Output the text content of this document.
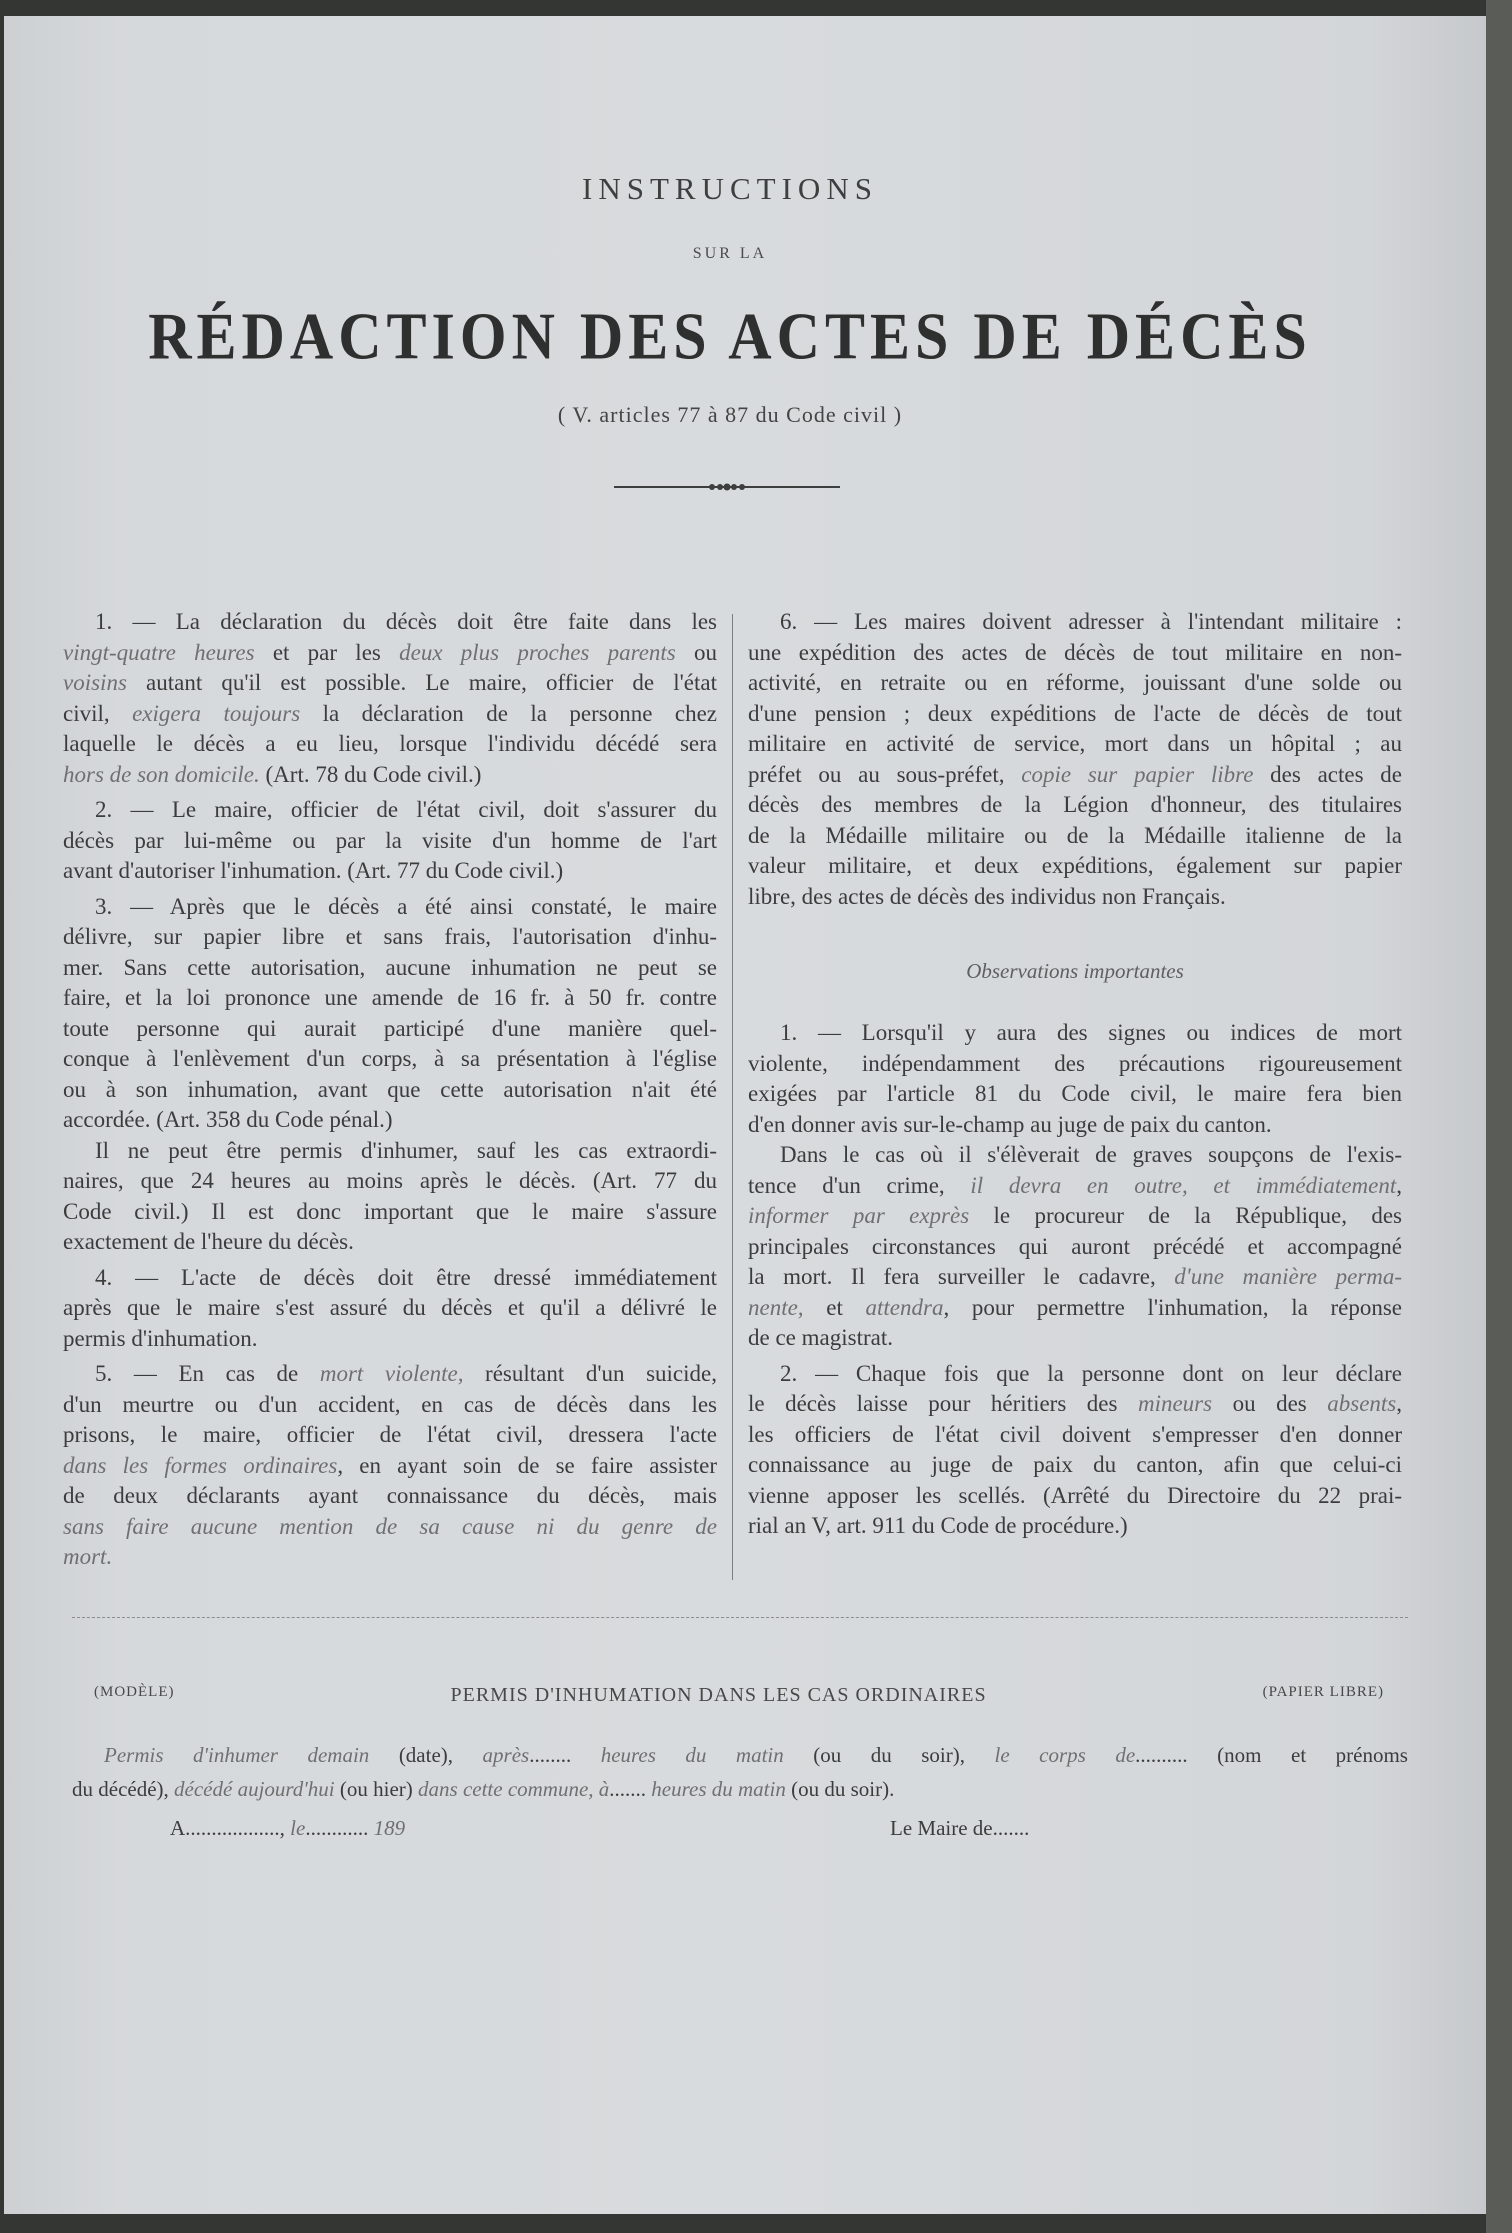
INSTRUCTIONS
SUR LA
RÉDACTION DES ACTES DE DÉCÈS
( V. articles 77 à 87 du Code civil )
1. — La déclaration du décès doit être faite dans les
vingt-quatre heures et par les deux plus proches parents ou
voisins autant qu'il est possible. Le maire, officier de l'état
civil, exigera toujours la déclaration de la personne chez
laquelle le décès a eu lieu, lorsque l'individu décédé sera
hors de son domicile. (Art. 78 du Code civil.)
2. — Le maire, officier de l'état civil, doit s'assurer du
décès par lui-même ou par la visite d'un homme de l'art
avant d'autoriser l'inhumation. (Art. 77 du Code civil.)
3. — Après que le décès a été ainsi constaté, le maire
délivre, sur papier libre et sans frais, l'autorisation d'inhu-
mer. Sans cette autorisation, aucune inhumation ne peut se
faire, et la loi prononce une amende de 16 fr. à 50 fr. contre
toute personne qui aurait participé d'une manière quel-
conque à l'enlèvement d'un corps, à sa présentation à l'église
ou à son inhumation, avant que cette autorisation n'ait été
accordée. (Art. 358 du Code pénal.)
Il ne peut être permis d'inhumer, sauf les cas extraordi-
naires, que 24 heures au moins après le décès. (Art. 77 du
Code civil.) Il est donc important que le maire s'assure
exactement de l'heure du décès.
4. — L'acte de décès doit être dressé immédiatement
après que le maire s'est assuré du décès et qu'il a délivré le
permis d'inhumation.
5. — En cas de mort violente, résultant d'un suicide,
d'un meurtre ou d'un accident, en cas de décès dans les
prisons, le maire, officier de l'état civil, dressera l'acte
dans les formes ordinaires, en ayant soin de se faire assister
de deux déclarants ayant connaissance du décès, mais
sans faire aucune mention de sa cause ni du genre de
mort.
6. — Les maires doivent adresser à l'intendant militaire :
une expédition des actes de décès de tout militaire en non-
activité, en retraite ou en réforme, jouissant d'une solde ou
d'une pension ; deux expéditions de l'acte de décès de tout
militaire en activité de service, mort dans un hôpital ; au
préfet ou au sous-préfet, copie sur papier libre des actes de
décès des membres de la Légion d'honneur, des titulaires
de la Médaille militaire ou de la Médaille italienne de la
valeur militaire, et deux expéditions, également sur papier
libre, des actes de décès des individus non Français.
Observations importantes
1. — Lorsqu'il y aura des signes ou indices de mort
violente, indépendamment des précautions rigoureusement
exigées par l'article 81 du Code civil, le maire fera bien
d'en donner avis sur-le-champ au juge de paix du canton.
Dans le cas où il s'élèverait de graves soupçons de l'exis-
tence d'un crime, il devra en outre, et immédiatement,
informer par exprès le procureur de la République, des
principales circonstances qui auront précédé et accompagné
la mort. Il fera surveiller le cadavre, d'une manière perma-
nente, et attendra, pour permettre l'inhumation, la réponse
de ce magistrat.
2. — Chaque fois que la personne dont on leur déclare
le décès laisse pour héritiers des mineurs ou des absents,
les officiers de l'état civil doivent s'empresser d'en donner
connaissance au juge de paix du canton, afin que celui-ci
vienne apposer les scellés. (Arrêté du Directoire du 22 prai-
rial an V, art. 911 du Code de procédure.)
(MODÈLE)	PERMIS D'INHUMATION DANS LES CAS ORDINAIRES	(PAPIER LIBRE)
Permis d'inhumer demain (date), après........ heures du matin (ou du soir), le corps de.......... (nom et prénoms
du décédé), décédé aujourd'hui (ou hier) dans cette commune, à....... heures du matin (ou du soir).
A.................., le............ 189	Le Maire de.......
